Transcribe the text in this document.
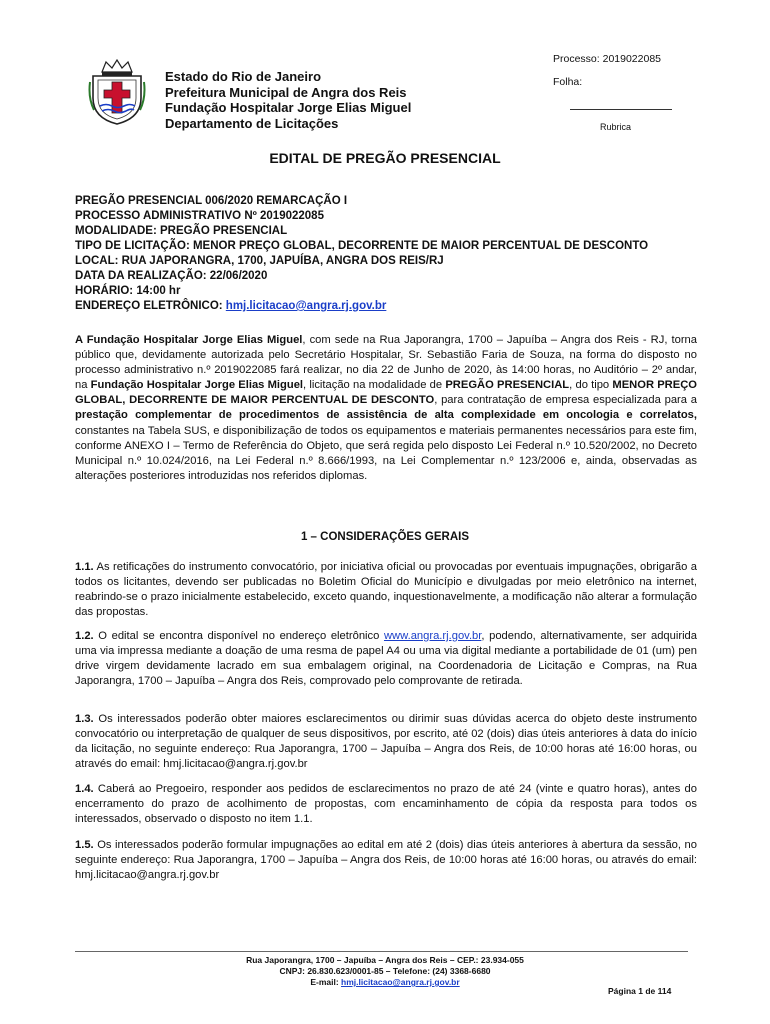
Estado do Rio de Janeiro
Prefeitura Municipal de Angra dos Reis
Fundação Hospitalar Jorge Elias Miguel
Departamento de Licitações
Processo: 2019022085
Folha:
Rubrica
EDITAL DE PREGÃO PRESENCIAL
PREGÃO PRESENCIAL 006/2020 REMARCAÇÃO I
PROCESSO ADMINISTRATIVO Nº 2019022085
MODALIDADE: PREGÃO PRESENCIAL
TIPO DE LICITAÇÃO: MENOR PREÇO GLOBAL, DECORRENTE DE MAIOR PERCENTUAL DE DESCONTO
LOCAL: RUA JAPORANGRA, 1700, JAPUÍBA, ANGRA DOS REIS/RJ
DATA DA REALIZAÇÃO: 22/06/2020
HORÁRIO: 14:00 hr
ENDEREÇO ELETRÔNICO: hmj.licitacao@angra.rj.gov.br
A Fundação Hospitalar Jorge Elias Miguel, com sede na Rua Japorangra, 1700 – Japuíba – Angra dos Reis - RJ, torna público que, devidamente autorizada pelo Secretário Hospitalar, Sr. Sebastião Faria de Souza, na forma do disposto no processo administrativo n.º 2019022085 fará realizar, no dia 22 de Junho de 2020, às 14:00 horas, no Auditório – 2º andar, na Fundação Hospitalar Jorge Elias Miguel, licitação na modalidade de PREGÃO PRESENCIAL, do tipo MENOR PREÇO GLOBAL, DECORRENTE DE MAIOR PERCENTUAL DE DESCONTO, para contratação de empresa especializada para a prestação complementar de procedimentos de assistência de alta complexidade em oncologia e correlatos, constantes na Tabela SUS, e disponibilização de todos os equipamentos e materiais permanentes necessários para este fim, conforme ANEXO I – Termo de Referência do Objeto, que será regida pelo disposto Lei Federal n.º 10.520/2002, no Decreto Municipal n.º 10.024/2016, na Lei Federal n.º 8.666/1993, na Lei Complementar n.º 123/2006 e, ainda, observadas as alterações posteriores introduzidas nos referidos diplomas.
1 – CONSIDERAÇÕES GERAIS
1.1. As retificações do instrumento convocatório, por iniciativa oficial ou provocadas por eventuais impugnações, obrigarão a todos os licitantes, devendo ser publicadas no Boletim Oficial do Município e divulgadas por meio eletrônico na internet, reabrindo-se o prazo inicialmente estabelecido, exceto quando, inquestionavelmente, a modificação não alterar a formulação das propostas.
1.2. O edital se encontra disponível no endereço eletrônico www.angra.rj.gov.br, podendo, alternativamente, ser adquirida uma via impressa mediante a doação de uma resma de papel A4 ou uma via digital mediante a portabilidade de 01 (um) pen drive virgem devidamente lacrado em sua embalagem original, na Coordenadoria de Licitação e Compras, na Rua Japorangra, 1700 – Japuíba – Angra dos Reis, comprovado pelo comprovante de retirada.
1.3. Os interessados poderão obter maiores esclarecimentos ou dirimir suas dúvidas acerca do objeto deste instrumento convocatório ou interpretação de qualquer de seus dispositivos, por escrito, até 02 (dois) dias úteis anteriores à data do início da licitação, no seguinte endereço: Rua Japorangra, 1700 – Japuíba – Angra dos Reis, de 10:00 horas até 16:00 horas, ou através do email: hmj.licitacao@angra.rj.gov.br
1.4. Caberá ao Pregoeiro, responder aos pedidos de esclarecimentos no prazo de até 24 (vinte e quatro horas), antes do encerramento do prazo de acolhimento de propostas, com encaminhamento de cópia da resposta para todos os interessados, observado o disposto no item 1.1.
1.5. Os interessados poderão formular impugnações ao edital em até 2 (dois) dias úteis anteriores à abertura da sessão, no seguinte endereço: Rua Japorangra, 1700 – Japuíba – Angra dos Reis, de 10:00 horas até 16:00 horas, ou através do email: hmj.licitacao@angra.rj.gov.br
Rua Japorangra, 1700 – Japuíba – Angra dos Reis – CEP.: 23.934-055
CNPJ: 26.830.623/0001-85 – Telefone: (24) 3368-6680
E-mail: hmj.licitacao@angra.rj.gov.br
Página 1 de 114
